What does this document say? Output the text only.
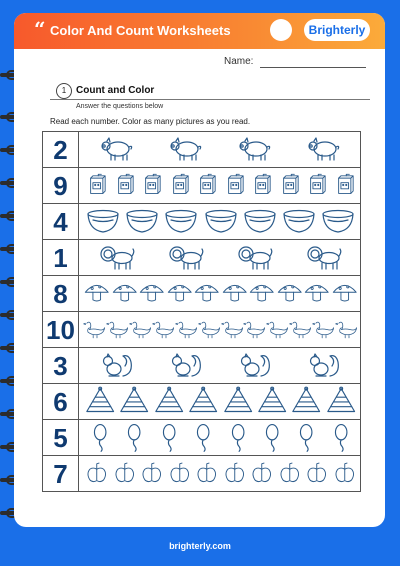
“ Color And Count Worksheets	Brighterly
Name:
1 Count and Color
Answer the questions below
Read each number. Color as many pictures as you read.
2
9
4
1
8
10
3
6
5
7
brighterly.com
